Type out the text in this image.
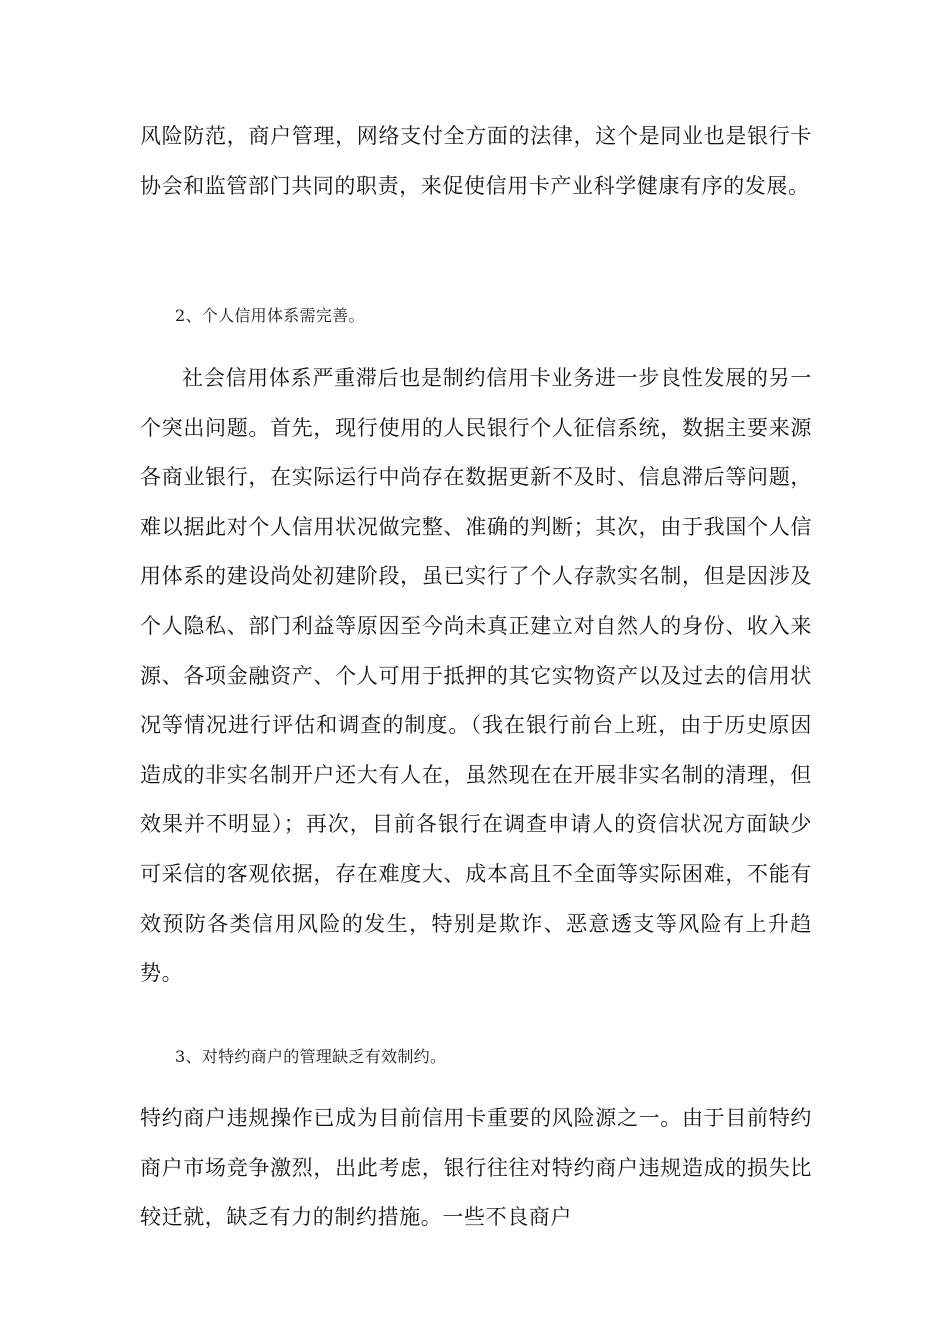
风险防范，商户管理，网络支付全方面的法律，这个是同业也是银行卡协会和监管部门共同的职责，来促使信用卡产业科学健康有序的发展。

2、个人信用体系需完善。

社会信用体系严重滞后也是制约信用卡业务进一步良性发展的另一个突出问题。首先，现行使用的人民银行个人征信系统，数据主要来源各商业银行，在实际运行中尚存在数据更新不及时、信息滞后等问题，难以据此对个人信用状况做完整、准确的判断；其次，由于我国个人信用体系的建设尚处初建阶段，虽已实行了个人存款实名制，但是因涉及个人隐私、部门利益等原因至今尚未真正建立对自然人的身份、收入来源、各项金融资产、个人可用于抵押的其它实物资产以及过去的信用状况等情况进行评估和调查的制度。（我在银行前台上班，由于历史原因造成的非实名制开户还大有人在，虽然现在在开展非实名制的清理，但效果并不明显）；再次，目前各银行在调查申请人的资信状况方面缺少可采信的客观依据，存在难度大、成本高且不全面等实际困难，不能有效预防各类信用风险的发生，特别是欺诈、恶意透支等风险有上升趋势。

3、对特约商户的管理缺乏有效制约。

特约商户违规操作已成为目前信用卡重要的风险源之一。由于目前特约商户市场竞争激烈，出此考虑，银行往往对特约商户违规造成的损失比较迁就，缺乏有力的制约措施。一些不良商户
